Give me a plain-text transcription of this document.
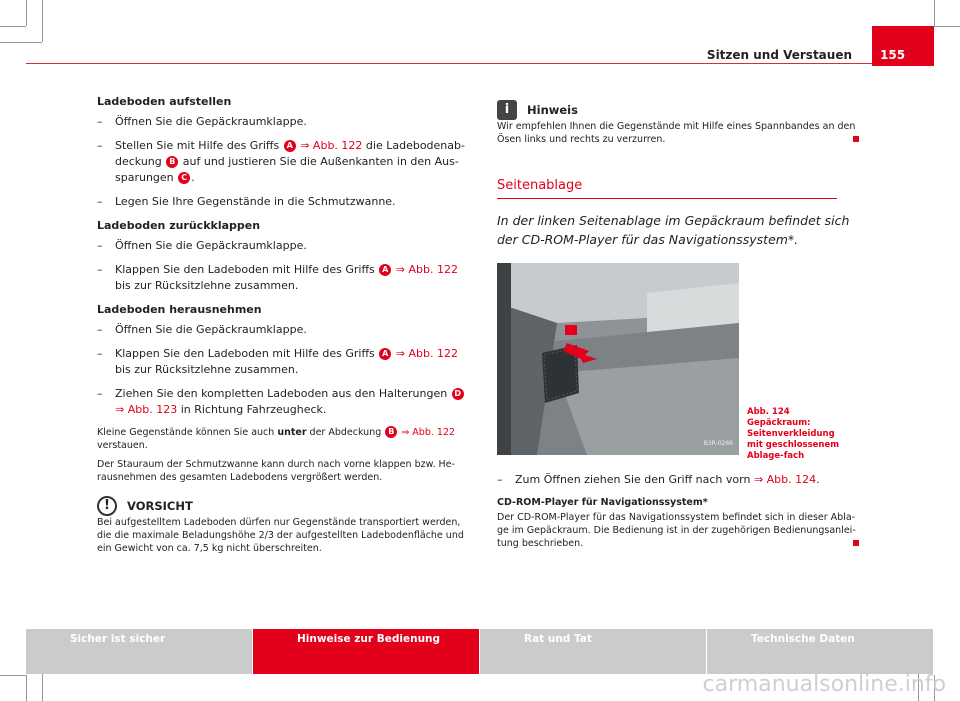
155
Sitzen und Verstauen
Ladeboden aufstellen
–	Öffnen Sie die Gepäckraumklappe.
–	Stellen Sie mit Hilfe des Griffs A ⇒ Abb. 122 die Ladebodenab-deckung B auf und justieren Sie die Außenkanten in den Aus-sparungen C .
–	Legen Sie Ihre Gegenstände in die Schmutzwanne.
Ladeboden zurückklappen
–	Öffnen Sie die Gepäckraumklappe.
–	Klappen Sie den Ladeboden mit Hilfe des Griffs A ⇒ Abb. 122 bis zur Rücksitzlehne zusammen.
Ladeboden herausnehmen
–	Öffnen Sie die Gepäckraumklappe.
–	Klappen Sie den Ladeboden mit Hilfe des Griffs A ⇒ Abb. 122 bis zur Rücksitzlehne zusammen.
–	Ziehen Sie den kompletten Ladeboden aus den Halterungen D ⇒ Abb. 123 in Richtung Fahrzeugheck.
Kleine Gegenstände können Sie auch unter der Abdeckung B ⇒ Abb. 122 verstauen.
Der Stauraum der Schmutzwanne kann durch nach vorne klappen bzw. He-rausnehmen des gesamten Ladebodens vergrößert werden.
!	VORSICHT
Bei aufgestelltem Ladeboden dürfen nur Gegenstände transportiert werden, die die maximale Beladungshöhe 2/3 der aufgestellten Ladebodenfläche und ein Gewicht von ca. 7,5 kg nicht überschreiten.
i	Hinweis
Wir empfehlen Ihnen die Gegenstände mit Hilfe eines Spannbandes an den Ösen links und rechts zu verzurren.
Seitenablage
In der linken Seitenablage im Gepäckraum befindet sich der CD-ROM-Player für das Navigationssystem*.
B3R-0266
Abb. 124 Gepäckraum: Seitenverkleidung mit geschlossenem Ablage-fach
–	Zum Öffnen ziehen Sie den Griff nach vorn ⇒ Abb. 124.
CD-ROM-Player für Navigationssystem*
Der CD-ROM-Player für das Navigationssystem befindet sich in dieser Abla-ge im Gepäckraum. Die Bedienung ist in der zugehörigen Bedienungsanlei-tung beschrieben.
Sicher ist sicher	Hinweise zur Bedienung	Rat und Tat	Technische Daten
carmanualsonline.info
